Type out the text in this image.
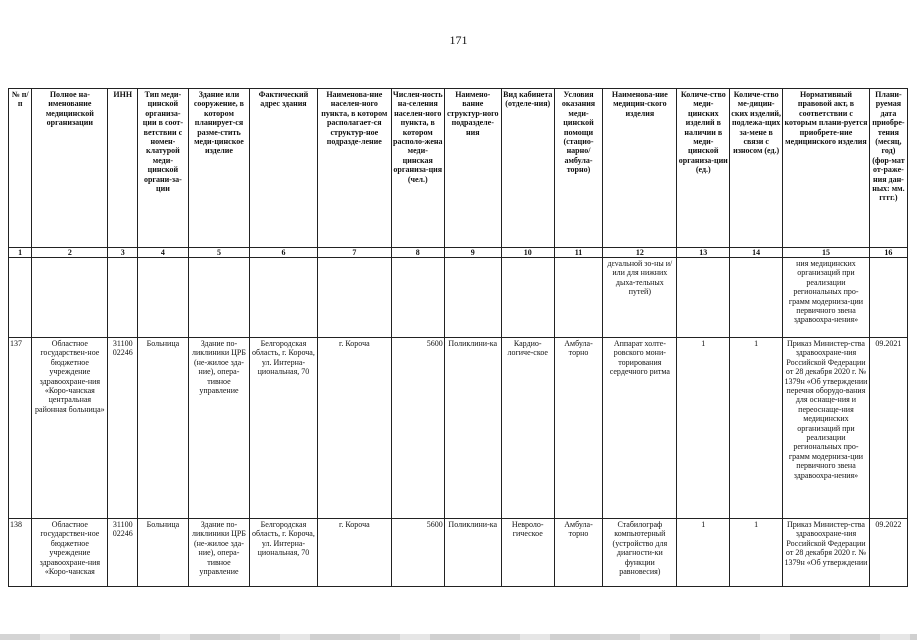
171
№ п/п	Полное на-именование медицинской организации	ИНН	Тип меди-цинской организа-ции в соот-ветствии с номен-клатурой меди-цинской органи-за-ции	Здание или сооружение, в котором планирует-ся разме-стить меди-цинское изделие	Фактический адрес здания	Наименова-ние населен-ного пункта, в котором располагает-ся структур-ное подразде-ление	Числен-ность на-селения населен-ного пункта, в котором располо-жена меди-цинская организа-ция (чел.)	Наимено-вание структур-ного подразделе-ния	Вид кабинета (отделе-ния)	Условия оказания меди-цинской помощи (стацио-нарно/ амбула-торно)	Наименова-ние медицин-ского изделия	Количе-ство меди-цинских изделий в наличии в меди-цинской организа-ции (ед.)	Количе-ство ме-дицин-ских изделий, подлежа-щих за-мене в связи с износом (ед.)	Нормативный правовой акт, в соответствии с которым плани-руется приобрете-ние медицинского изделия	Плани-руемая дата приобре-тения (месяц, год) (фор-мат от-раже-ния дан-ных: мм. гггг.)
1	2	3	4	5	6	7	8	9	10	11	12	13	14	15	16
											дενальной зо-ны и/или для нижних дыха-тельных путей)			ния медицинских организаций при реализации региональных про-грамм модерниза-ции первичного звена здравоохра-нения»	
137	Областное государствен-ное бюджетное учреждение здравоохране-ния «Коро-чанская центральная районная больница»	31100 02246	Больница	Здание по-ликлиники ЦРБ (не-жилое зда-ние), опера-тивное управление	Белгородская область, г. Короча, ул. Интерна-циональная, 70	г. Короча	5600	Поликлини-ка	Кардио-логиче-ское	Амбула-торно	Аппарат холте-ровского мони-торирования сердечного ритма	1	1	Приказ Министер-ства здравоохране-ния Российской Федерации от 28 декабря 2020 г. № 1379н «Об утверждении перечня оборудо-вания для оснаще-ния и переоснаще-ния медицинских организаций при реализации региональных про-грамм модерниза-ции первичного звена здравоохра-нения»	09.2021
138	Областное государствен-ное бюджетное учреждение здравоохране-ния «Коро-чанская	31100 02246	Больница	Здание по-ликлиники ЦРБ (не-жилое зда-ние), опера-тивное управление	Белгородская область, г. Короча, ул. Интерна-циональная, 70	г. Короча	5600	Поликлини-ка	Невроло-гическое	Амбула-торно	Стабилограф компьютерный (устройство для диагности-ки функции равновесия)	1	1	Приказ Министер-ства здравоохране-ния Российской Федерации от 28 декабря 2020 г. № 1379н «Об утверждении	09.2022
